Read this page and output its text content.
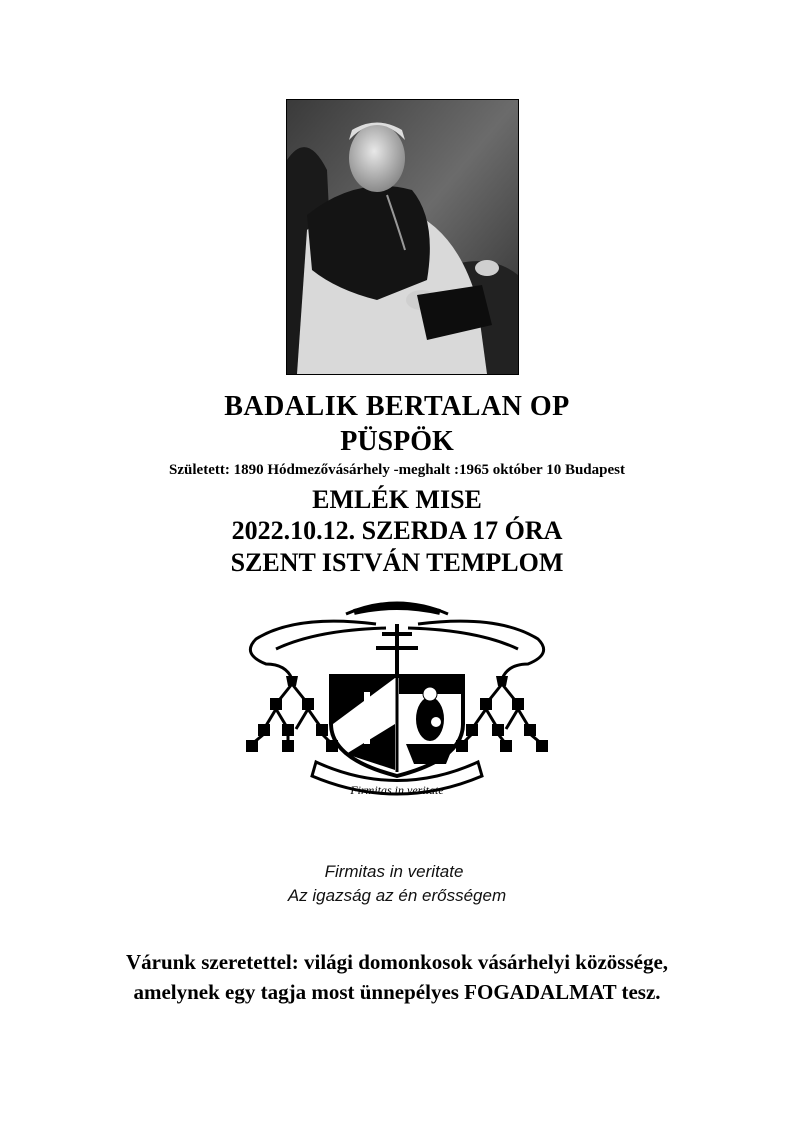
BADALIK BERTALAN OP
PÜSPÖK
Született: 1890 Hódmezővásárhely -meghalt :1965 október 10 Budapest
EMLÉK MISE
2022.10.12. SZERDA 17 ÓRA
SZENT ISTVÁN TEMPLOM
Firmitas in veritate
Firmitas in veritate
Az igazság az én erősségem
Várunk szeretettel: világi domonkosok vásárhelyi közössége,
amelynek egy tagja most ünnepélyes FOGADALMAT tesz.
